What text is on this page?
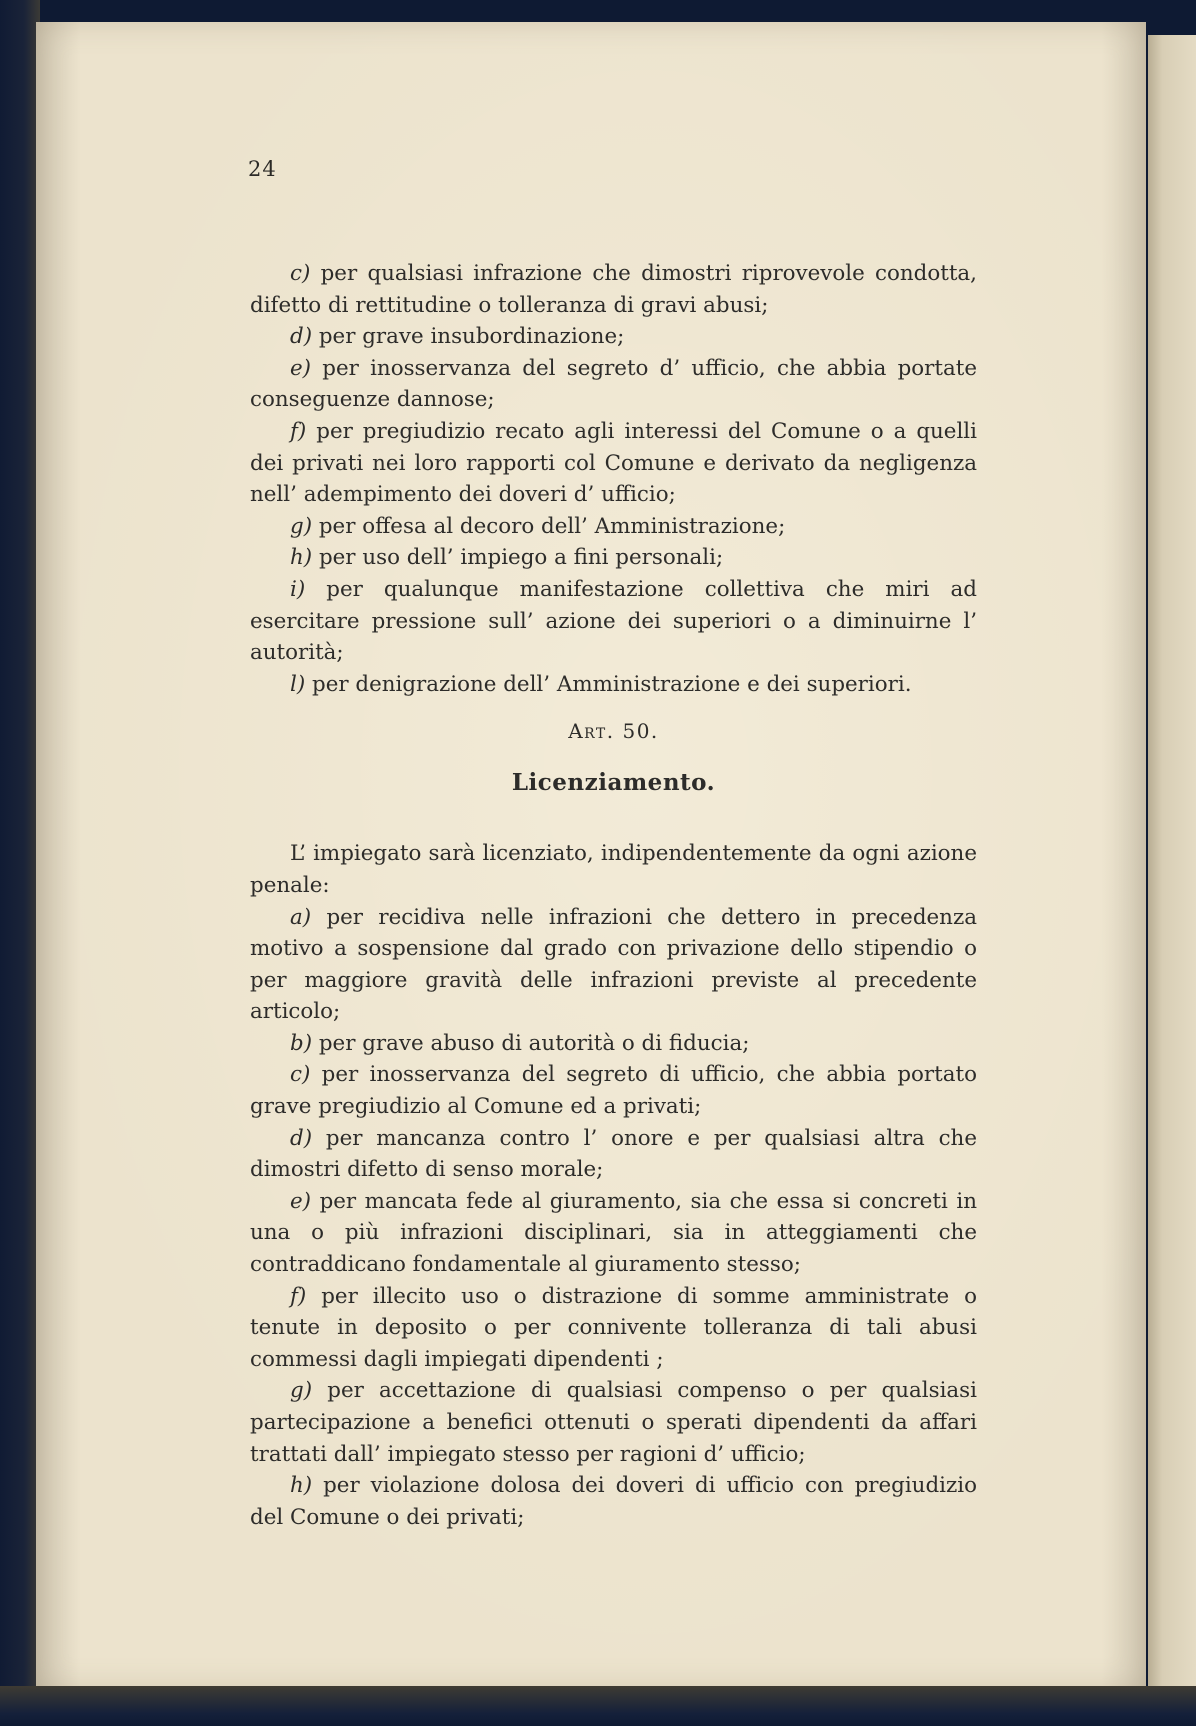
24

c) per qualsiasi infrazione che dimostri riprovevole condotta, difetto di rettitudine o tolleranza di gravi abusi;

d) per grave insubordinazione;

e) per inosservanza del segreto d’ ufficio, che abbia portate conseguenze dannose;

f) per pregiudizio recato agli interessi del Comune o a quelli dei privati nei loro rapporti col Comune e derivato da negligenza nell’ adempimento dei doveri d’ ufficio;

g) per offesa al decoro dell’ Amministrazione;

h) per uso dell’ impiego a fini personali;

i) per qualunque manifestazione collettiva che miri ad esercitare pressione sull’ azione dei superiori o a diminuirne l’ autorità;

l) per denigrazione dell’ Amministrazione e dei superiori.

Art. 50.
Licenziamento.

L’ impiegato sarà licenziato, indipendentemente da ogni azione penale:

a) per recidiva nelle infrazioni che dettero in precedenza motivo a sospensione dal grado con privazione dello stipendio o per maggiore gravità delle infrazioni previste al precedente articolo;

b) per grave abuso di autorità o di fiducia;

c) per inosservanza del segreto di ufficio, che abbia portato grave pregiudizio al Comune ed a privati;

d) per mancanza contro l’ onore e per qualsiasi altra che dimostri difetto di senso morale;

e) per mancata fede al giuramento, sia che essa si concreti in una o più infrazioni disciplinari, sia in atteggiamenti che contraddicano fondamentale al giuramento stesso;

f) per illecito uso o distrazione di somme amministrate o tenute in deposito o per connivente tolleranza di tali abusi commessi dagli impiegati dipendenti ;

g) per accettazione di qualsiasi compenso o per qualsiasi partecipazione a benefici ottenuti o sperati dipendenti da affari trattati dall’ impiegato stesso per ragioni d’ ufficio;

h) per violazione dolosa dei doveri di ufficio con pregiudizio del Comune o dei privati;
